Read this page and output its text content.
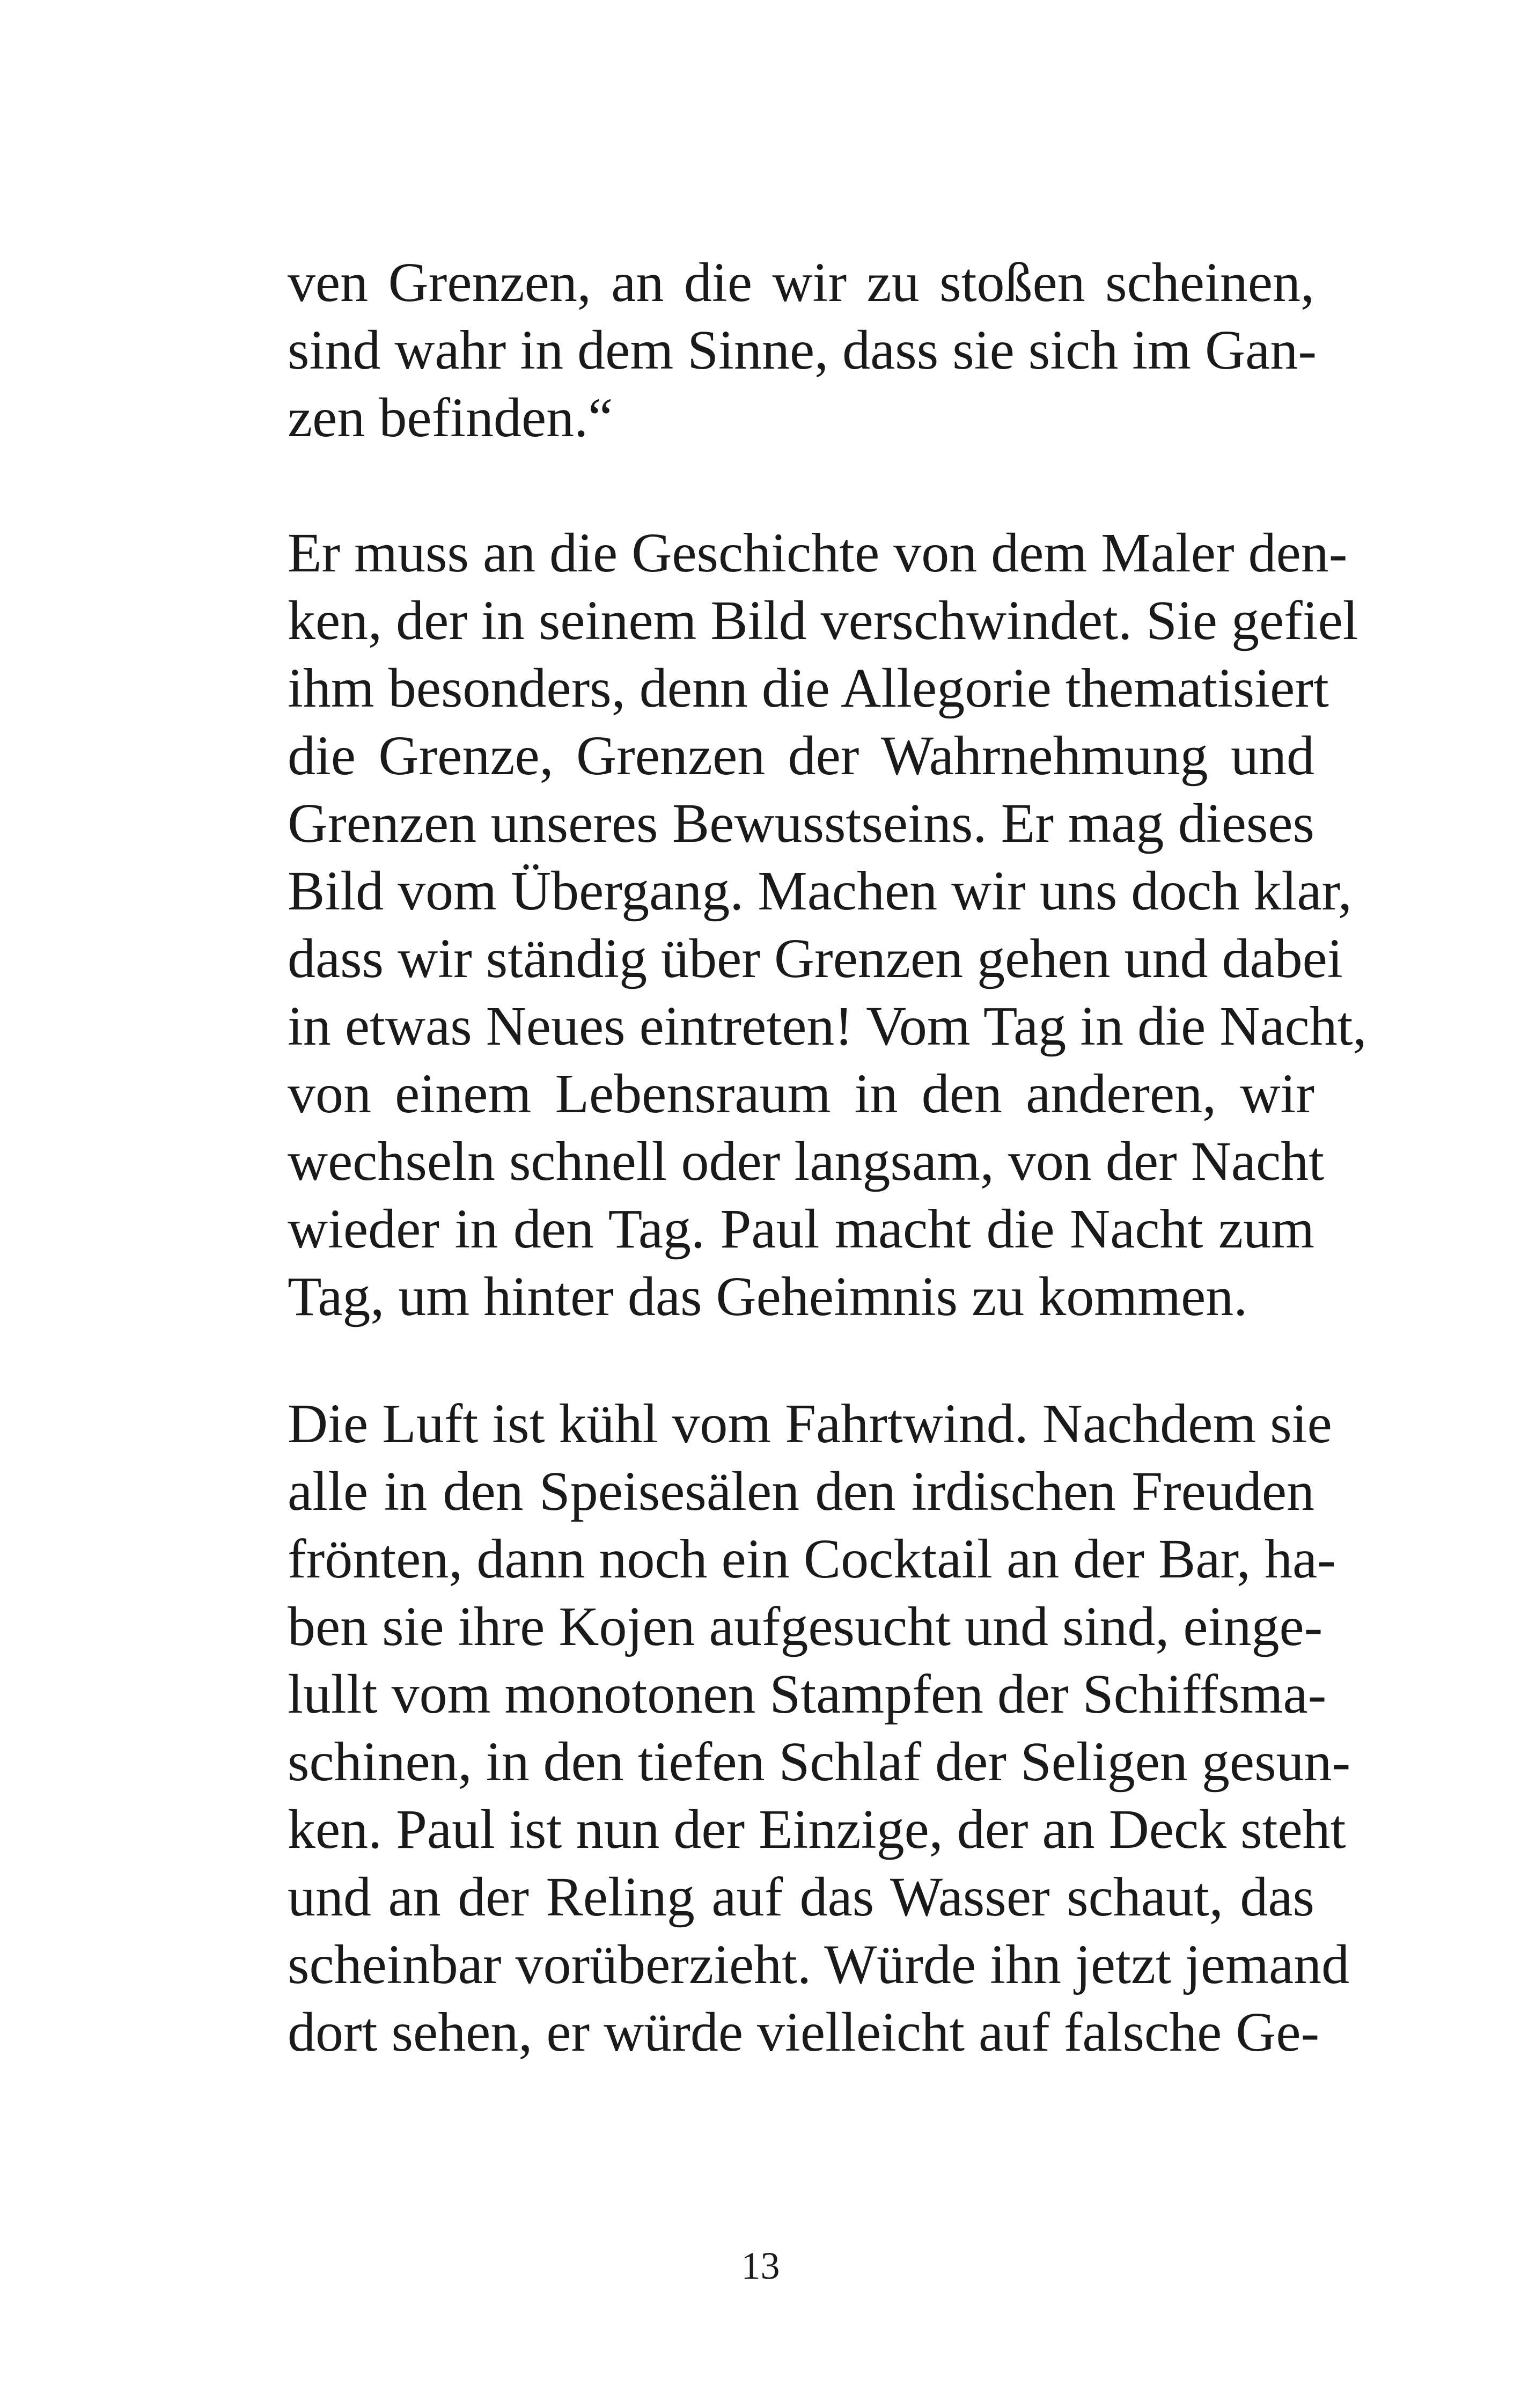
ven Grenzen, an die wir zu stoßen scheinen,
sind wahr in dem Sinne, dass sie sich im Gan-
zen befinden.“
Er muss an die Geschichte von dem Maler den-
ken, der in seinem Bild verschwindet. Sie gefiel
ihm besonders, denn die Allegorie thematisiert
die Grenze, Grenzen der Wahrnehmung und
Grenzen unseres Bewusstseins. Er mag dieses
Bild vom Übergang. Machen wir uns doch klar,
dass wir ständig über Grenzen gehen und dabei
in etwas Neues eintreten! Vom Tag in die Nacht,
von einem Lebensraum in den anderen, wir
wechseln schnell oder langsam, von der Nacht
wieder in den Tag. Paul macht die Nacht zum
Tag, um hinter das Geheimnis zu kommen.
Die Luft ist kühl vom Fahrtwind. Nachdem sie
alle in den Speisesälen den irdischen Freuden
frönten, dann noch ein Cocktail an der Bar, ha-
ben sie ihre Kojen aufgesucht und sind, einge-
lullt vom monotonen Stampfen der Schiffsma-
schinen, in den tiefen Schlaf der Seligen gesun-
ken. Paul ist nun der Einzige, der an Deck steht
und an der Reling auf das Wasser schaut, das
scheinbar vorüberzieht. Würde ihn jetzt jemand
dort sehen, er würde vielleicht auf falsche Ge-
13
